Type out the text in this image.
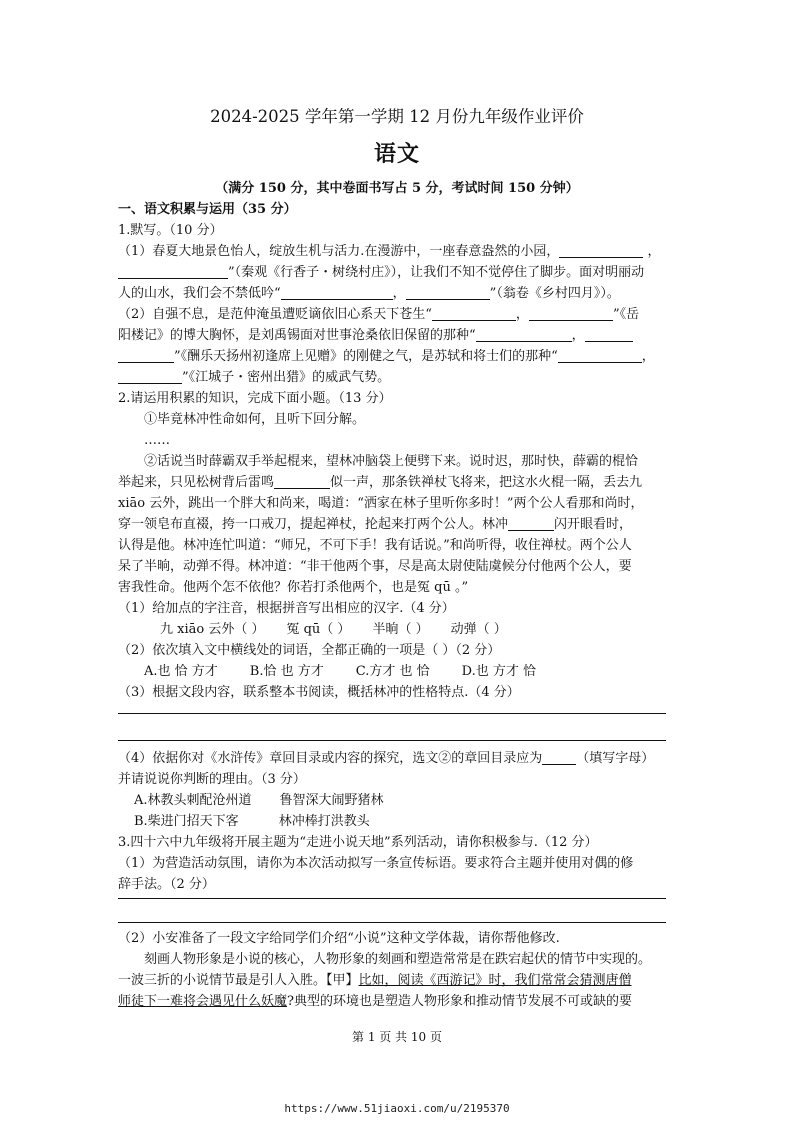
2024-2025 学年第一学期 12 月份九年级作业评价
语文
（满分 150 分，其中卷面书写占 5 分，考试时间 150 分钟）
一、语文积累与运用（35 分）
1.默写。（10 分）
（1）春夏大地景色怡人，绽放生机与活力.在漫游中，一座春意盎然的小园，	，
”（秦观《行香子・树绕村庄》），让我们不知不觉停住了脚步。面对明丽动
人的山水，我们会不禁低吟“	，	”（翁卷《乡村四月》）。
（2）自强不息，是范仲淹虽遭贬谪依旧心系天下苍生“	，	”《岳
阳楼记》的博大胸怀，是刘禹锡面对世事沧桑依旧保留的那种“	，
”《酬乐天扬州初逢席上见赠》的刚健之气，是苏轼和将士们的那种“	，
”《江城子・密州出猎》的威武气势。
2.请运用积累的知识，完成下面小题。（13 分）
①毕竟林冲性命如何，且听下回分解。
……
②话说当时薛霸双手举起棍来，望林冲脑袋上便劈下来。说时迟，那时快，薛霸的棍恰
举起来，只见松树背后雷鸣	似一声，那条铁禅杖飞将来，把这水火棍一隔，丢去九
xiāo 云外，跳出一个胖大和尚来，喝道：“洒家在林子里听你多时！”两个公人看那和尚时，
穿一领皂布直裰，挎一口戒刀，提起禅杖，抡起来打两个公人。林冲	闪开眼看时，
认得是他。林冲连忙叫道：“师兄，不可下手！我有话说。”和尚听得，收住禅杖。两个公人
呆了半晌，动弹不得。林冲道：“非干他两个事，尽是高太尉使陆虞候分付他两个公人，要
害我性命。他两个怎不依他？你若打杀他两个，也是冤 qū 。”
（1）给加点的字注音，根据拼音写出相应的汉字.（4 分）
九 xiāo 云外（ ） 冤 qū（ ） 半晌（ ） 动弹（ ）
（2）依次填入文中横线处的词语，全都正确的一项是（ ）（2 分）
A.也 恰 方才 B.恰 也 方才 C.方才 也 恰 D.也 方才 恰
（3）根据文段内容，联系整本书阅读，概括林冲的性格特点.（4 分）
（4）依据你对《水浒传》章回目录或内容的探究，选文②的章回目录应为	（填写字母）
并请说说你判断的理由。（3 分）
A.林教头刺配沧州道 鲁智深大闹野猪林
B.柴进门招天下客	林冲棒打洪教头
3.四十六中九年级将开展主题为“走进小说天地”系列活动，请你积极参与.（12 分）
（1）为营造活动氛围，请你为本次活动拟写一条宣传标语。要求符合主题并使用对偶的修
辞手法。（2 分）
（2）小安准备了一段文字给同学们介绍“小说”这种文学体裁，请你帮他修改.
刻画人物形象是小说的核心，人物形象的刻画和塑造常常是在跌宕起伏的情节中实现的。
一波三折的小说情节最是引人入胜。【甲】比如，阅读《西游记》时，我们常常会猜测唐僧
师徒下一难将会遇见什么妖魔?典型的环境也是塑造人物形象和推动情节发展不可或缺的要
第 1 页 共 10 页
https://www.51jiaoxi.com/u/2195370
